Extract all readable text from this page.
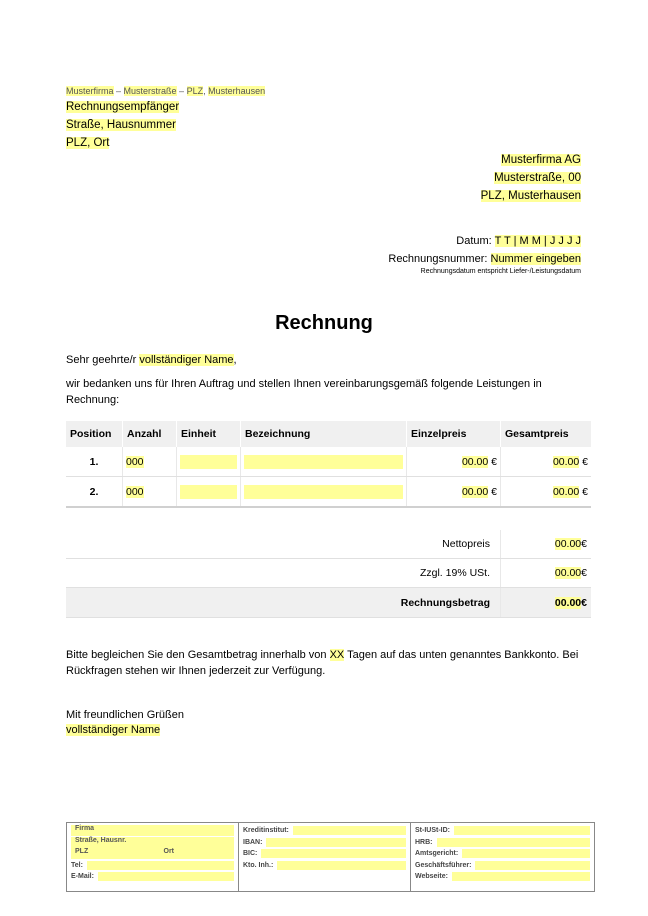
Musterfirma – Musterstraße – PLZ, Musterhausen
Rechnungsempfänger
Straße, Hausnummer
PLZ, Ort
Musterfirma AG
Musterstraße, 00
PLZ, Musterhausen
Datum: T T | M M | J J J J
Rechnungsnummer: Nummer eingeben
Rechnungsdatum entspricht Liefer-/Leistungsdatum
Rechnung
Sehr geehrte/r vollständiger Name,
wir bedanken uns für Ihren Auftrag und stellen Ihnen vereinbarungsgemäß folgende Leistungen in Rechnung:
Position	Anzahl	Einheit	Bezeichnung	Einzelpreis	Gesamtpreis
1.	000			00.00 €	00.00 €
2.	000			00.00 €	00.00 €
Nettopreis	00.00€
Zzgl. 19% USt.	00.00€
Rechnungsbetrag	00.00€
Bitte begleichen Sie den Gesamtbetrag innerhalb von XX Tagen auf das unten genanntes Bankkonto. Bei Rückfragen stehen wir Ihnen jederzeit zur Verfügung.
Mit freundlichen Grüßen
vollständiger Name
Firma
Straße, Hausnr.
PLZ	Ort
Tel:
E-Mail:
Kreditinstitut:
IBAN:
BIC:
Kto. Inh.:
St-IUSt-ID:
HRB:
Amtsgericht:
Geschäftsführer:
Webseite:
